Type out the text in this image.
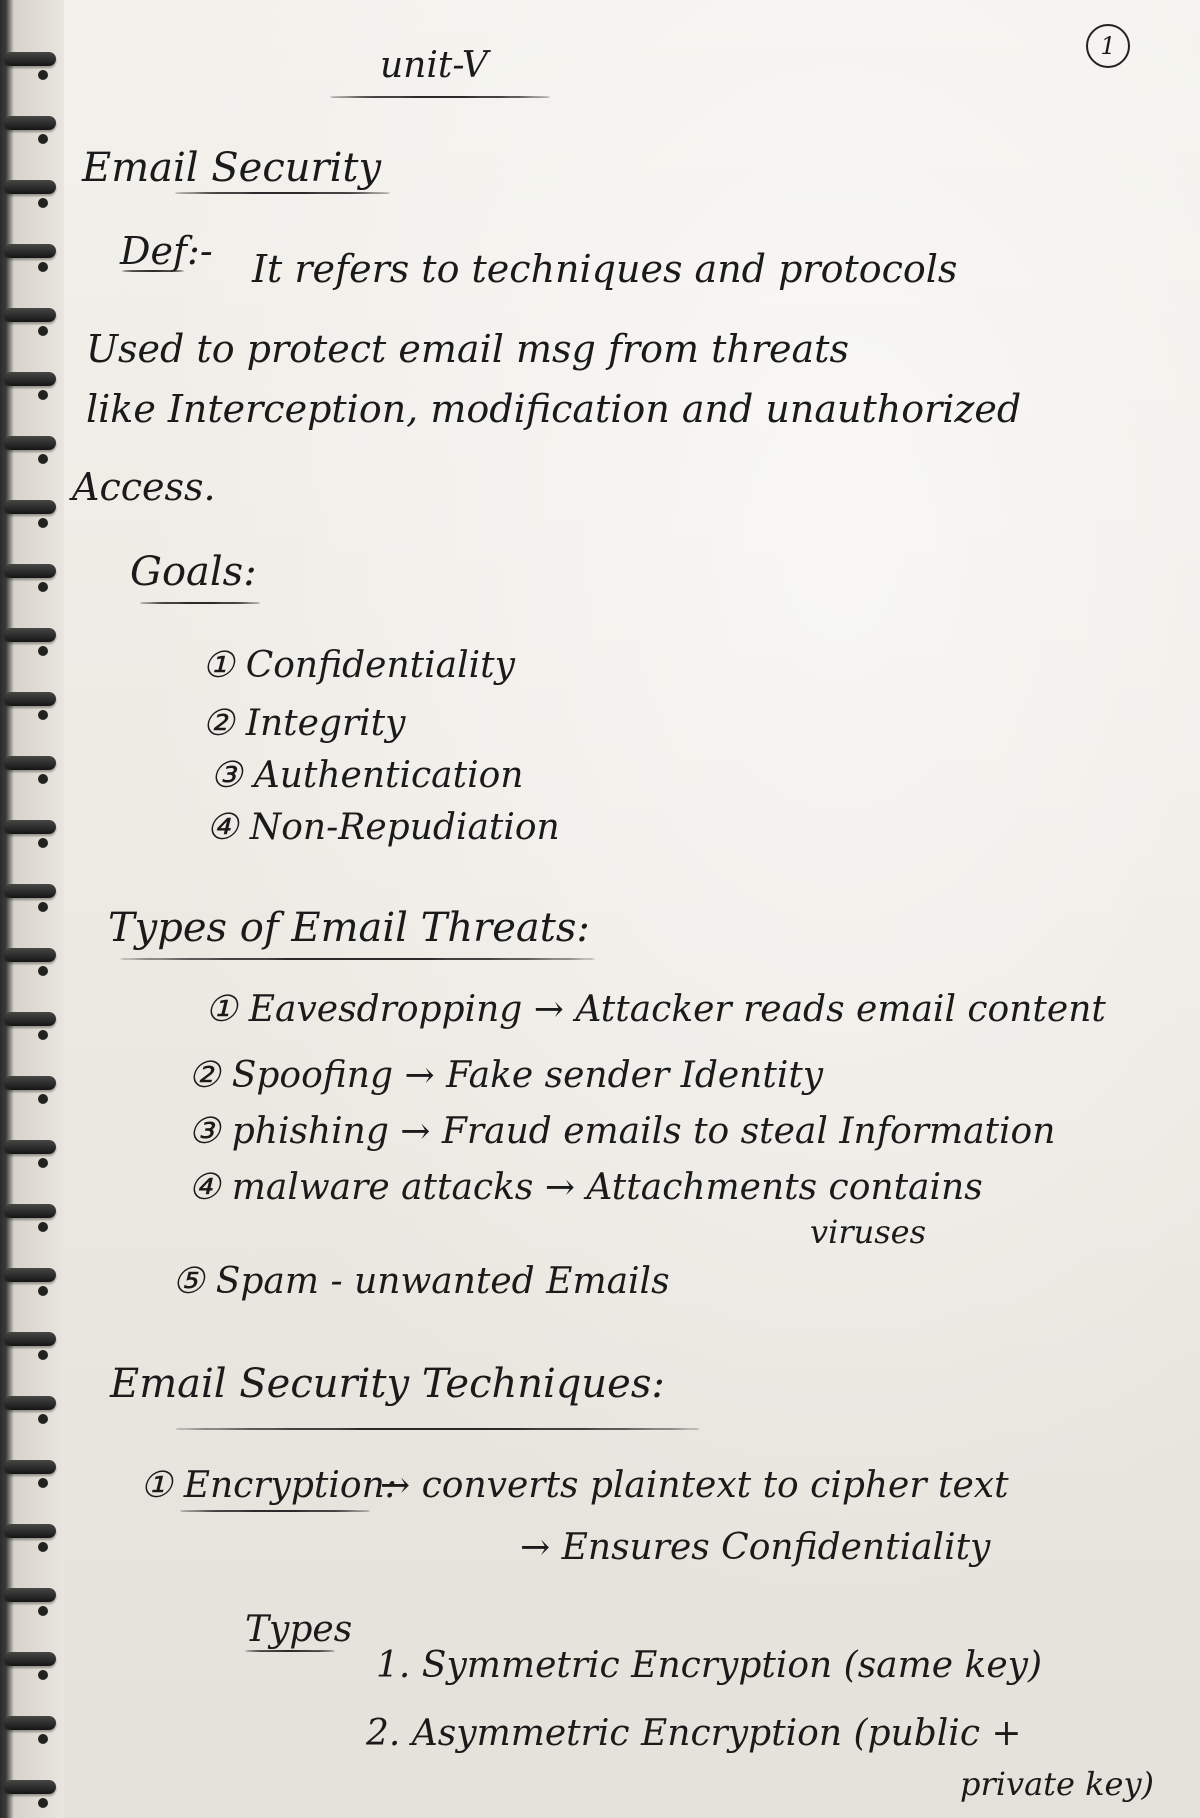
1
unit-V
Email Security
Def:- It refers to techniques and protocols
Used to protect email msg from threats
like Interception, modification and unauthorized
Access.
Goals:
① Confidentiality
② Integrity
③ Authentication
④ Non-Repudiation
Types of Email Threats:
① Eavesdropping → Attacker reads email content
② Spoofing → Fake sender Identity
③ phishing → Fraud emails to steal Information
④ malware attacks → Attachments contains
viruses
⑤ Spam - unwanted Emails
Email Security Techniques:
① Encryption:
→ converts plaintext to cipher text
→ Ensures Confidentiality
Types
1. Symmetric Encryption (same key)
2. Asymmetric Encryption (public +
private key)
